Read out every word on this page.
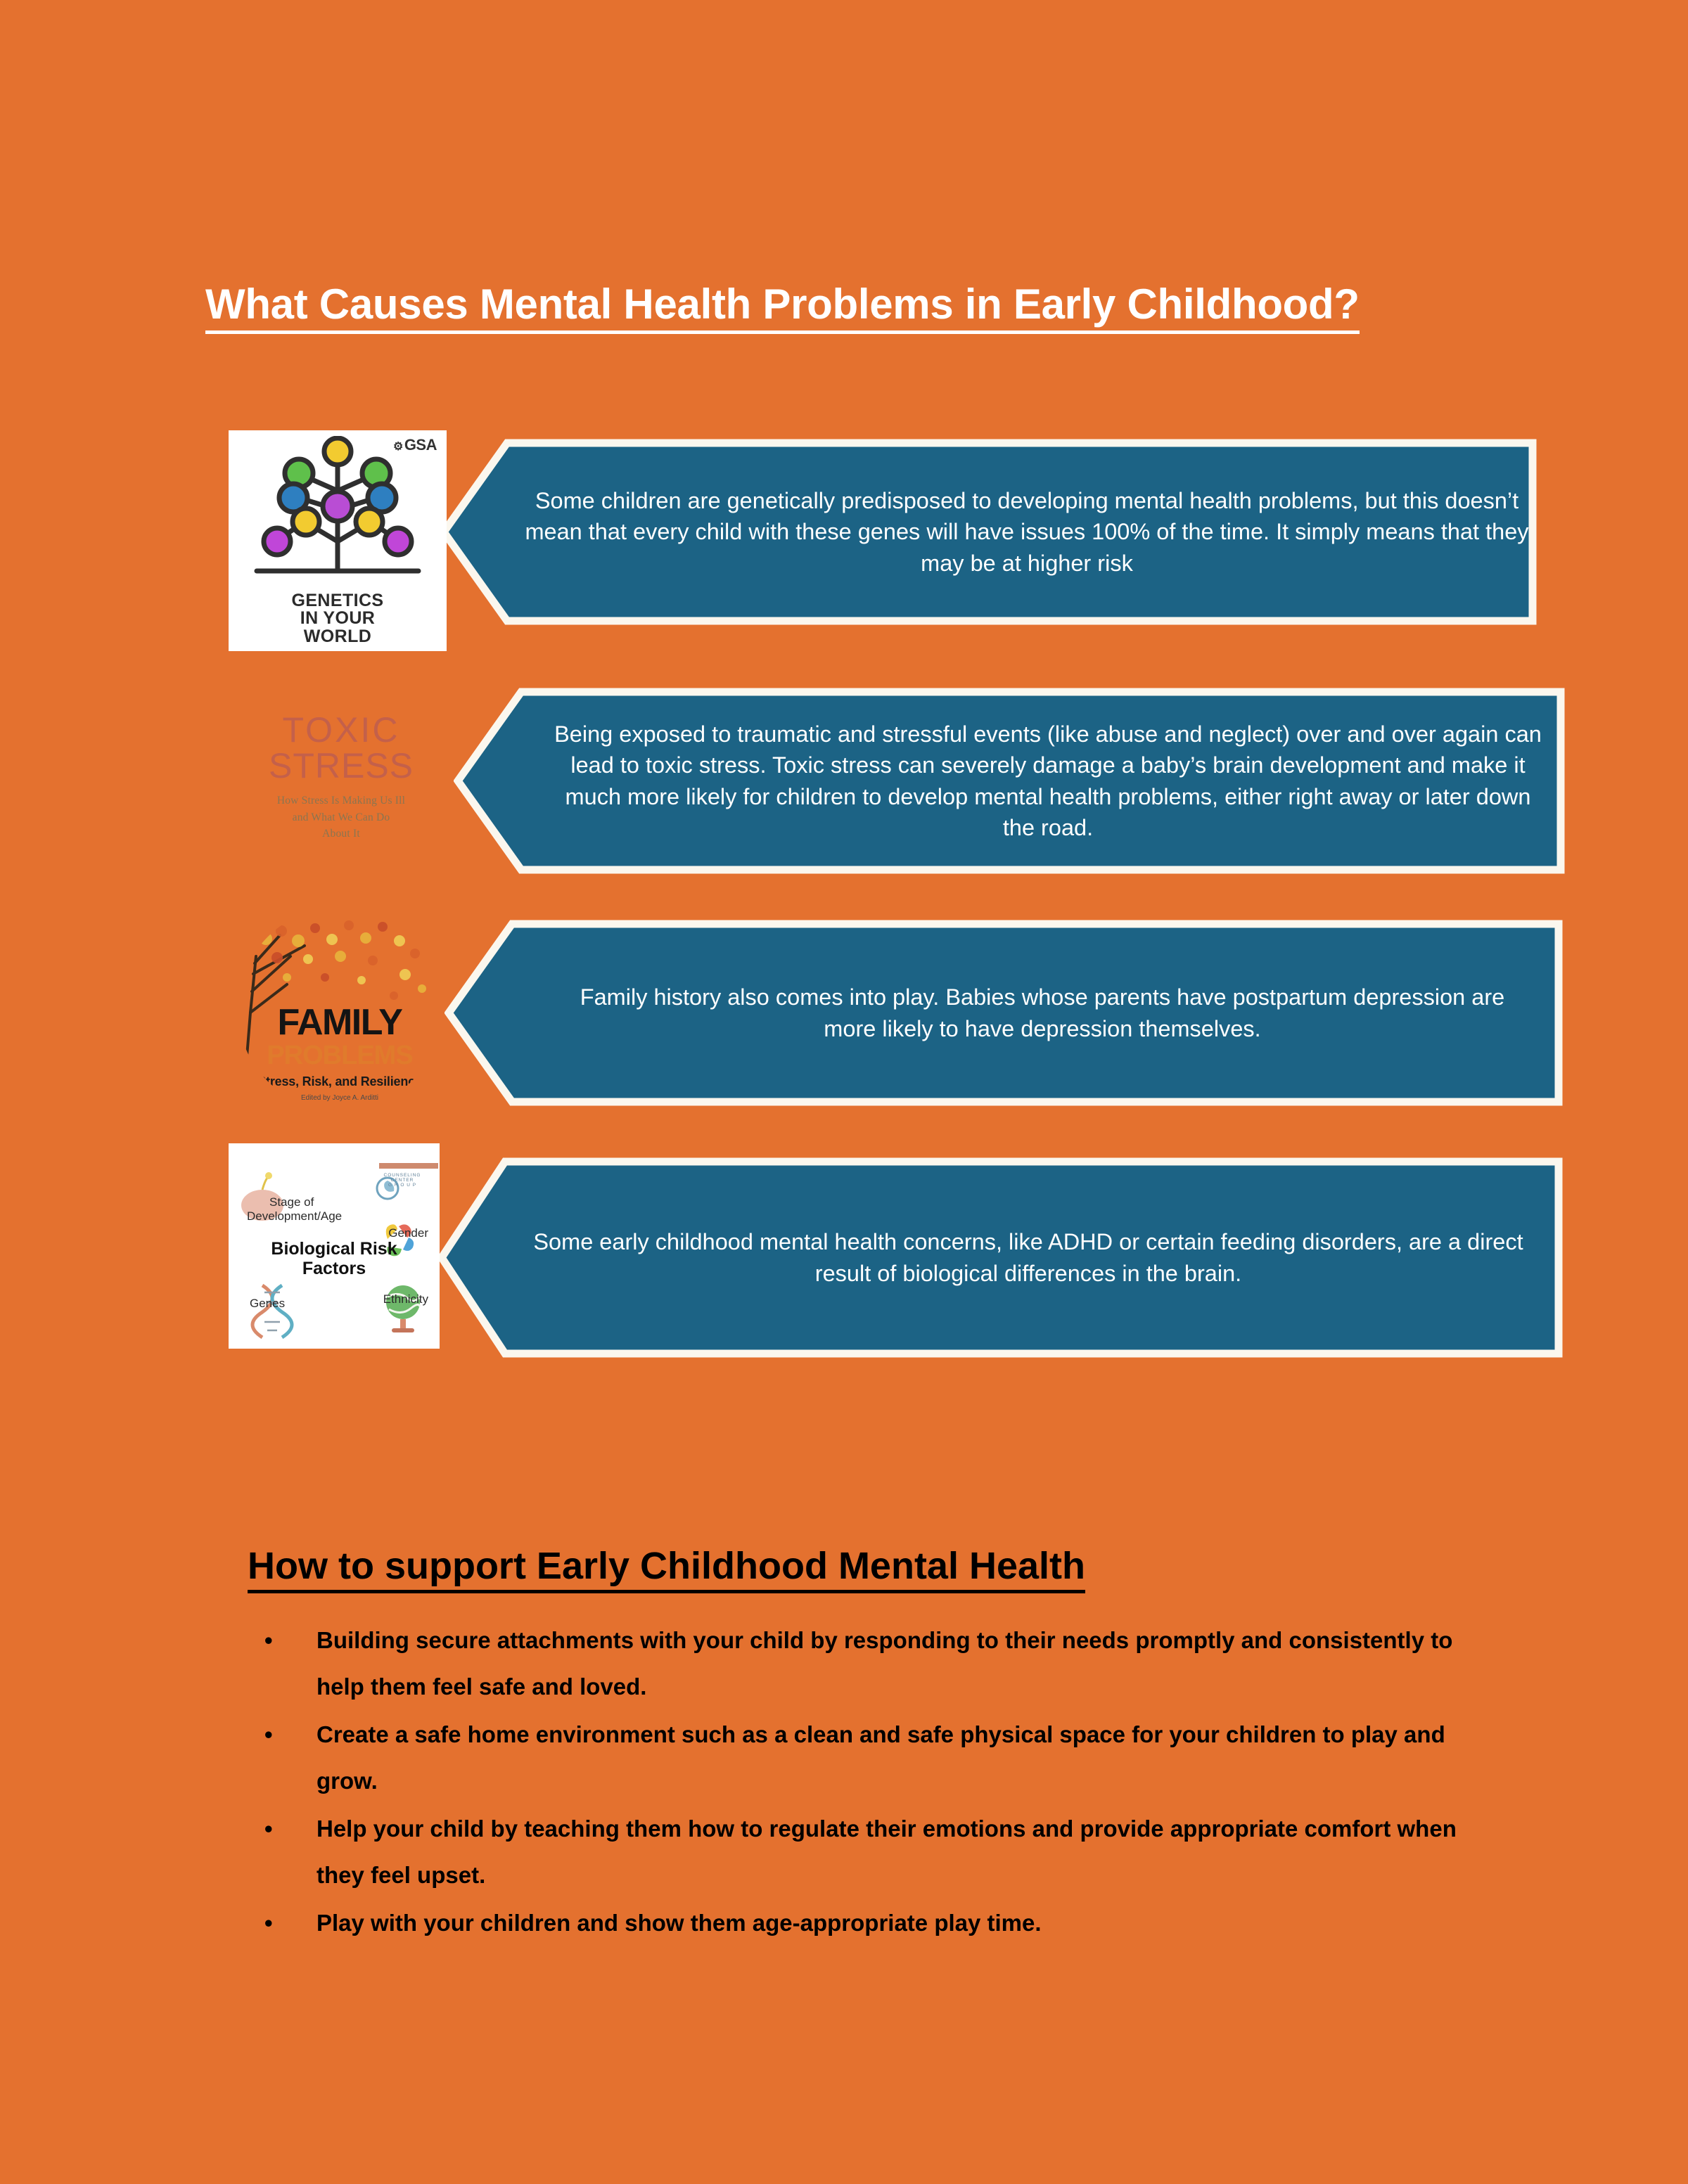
What Causes Mental Health Problems in Early Childhood?
⚙GSA
GENETICS
IN YOUR
WORLD
Some children are genetically predisposed to developing mental health problems, but this doesn’t mean that every child with these genes will have issues 100% of the time. It simply means that they may be at higher risk
TOXIC
STRESS
How Stress Is Making Us Ill
and What We Can Do
About It
Being exposed to traumatic and stressful events (like abuse and neglect) over and over again can lead to toxic stress. Toxic stress can severely damage a baby’s brain development and make it much more likely for children to develop mental health problems, either right away or later down the road.
FAMILY
PROBLEMS
Stress, Risk, and Resilience
Edited by Joyce A. Arditti
Family history also comes into play. Babies whose parents have postpartum depression are more likely to have depression themselves.
Stage of
Development/Age
Gender
Genes	Ethnicity
Biological Risk
Factors
COUNSELING CENTER
G R O U P
Some early childhood mental health concerns, like ADHD or certain feeding disorders, are a direct result of biological differences in the brain.
How to support Early Childhood Mental Health
• Building secure attachments with your child by responding to their needs promptly and consistently to help them feel safe and loved.
• Create a safe home environment such as a clean and safe physical space for your children to play and grow.
• Help your child by teaching them how to regulate their emotions and provide appropriate comfort when they feel upset.
• Play with your children and show them age-appropriate play time.
